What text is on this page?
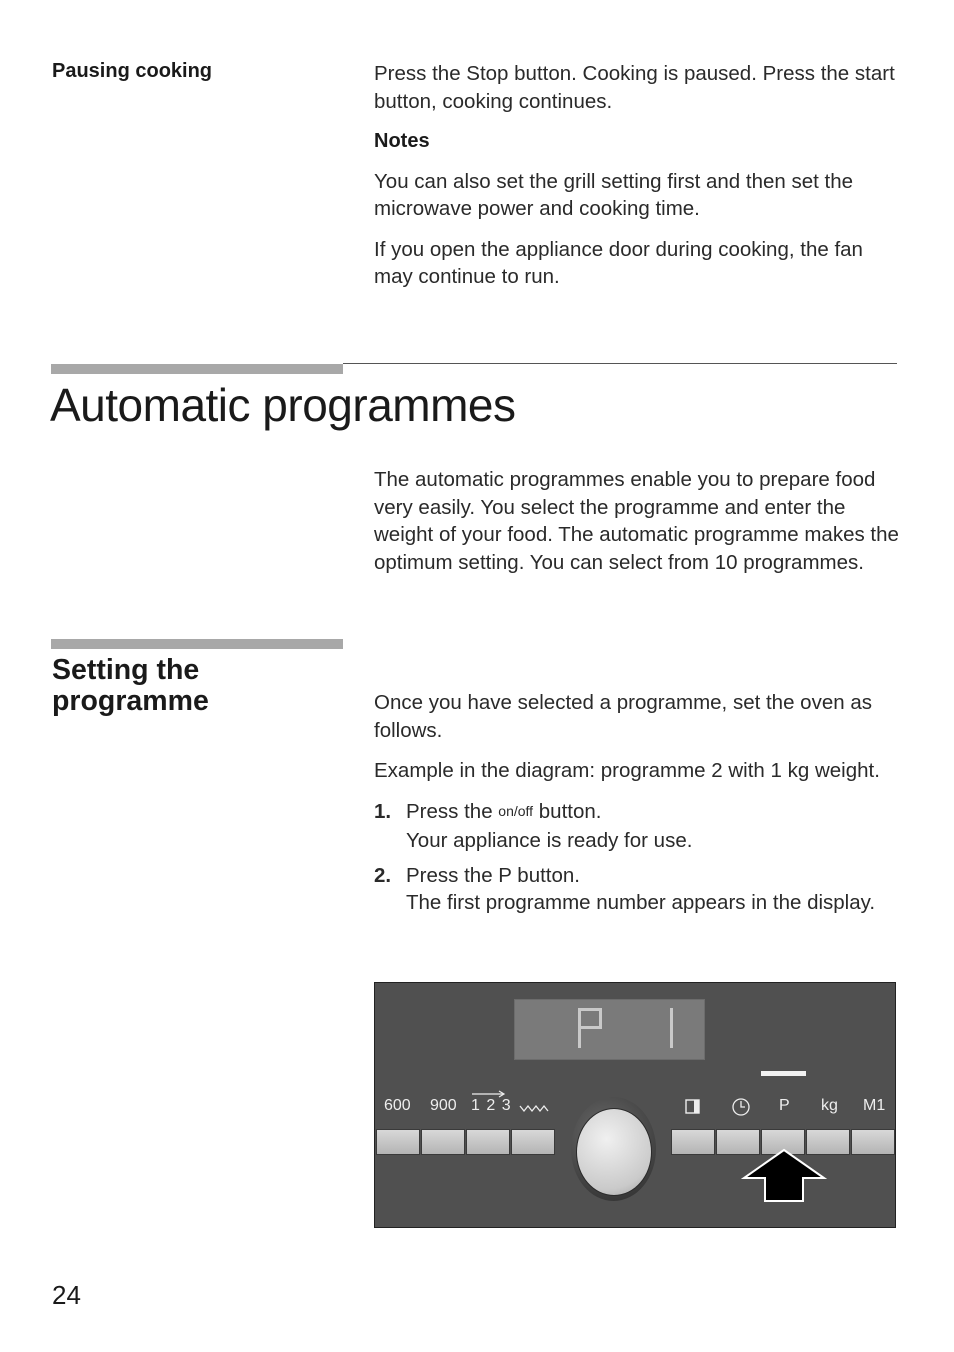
Pausing cooking	Press the Stop button. Cooking is paused. Press the start button, cooking continues.

Notes

You can also set the grill setting first and then set the microwave power and cooking time.

If you open the appliance door during cooking, the fan may continue to run.

Automatic programmes
The automatic programmes enable you to prepare food very easily. You select the programme and enter the weight of your food. The automatic programme makes the optimum setting. You can select from 10 programmes.
Setting the programme	Once you have selected a programme, set the oven as follows.

Example in the diagram: programme 2 with 1 kg weight.

1. Press the on/off button.
Your appliance is ready for use.
2. Press the P button.
The first programme number appears in the display.
600 900 1 2 3	P kg M1
24
